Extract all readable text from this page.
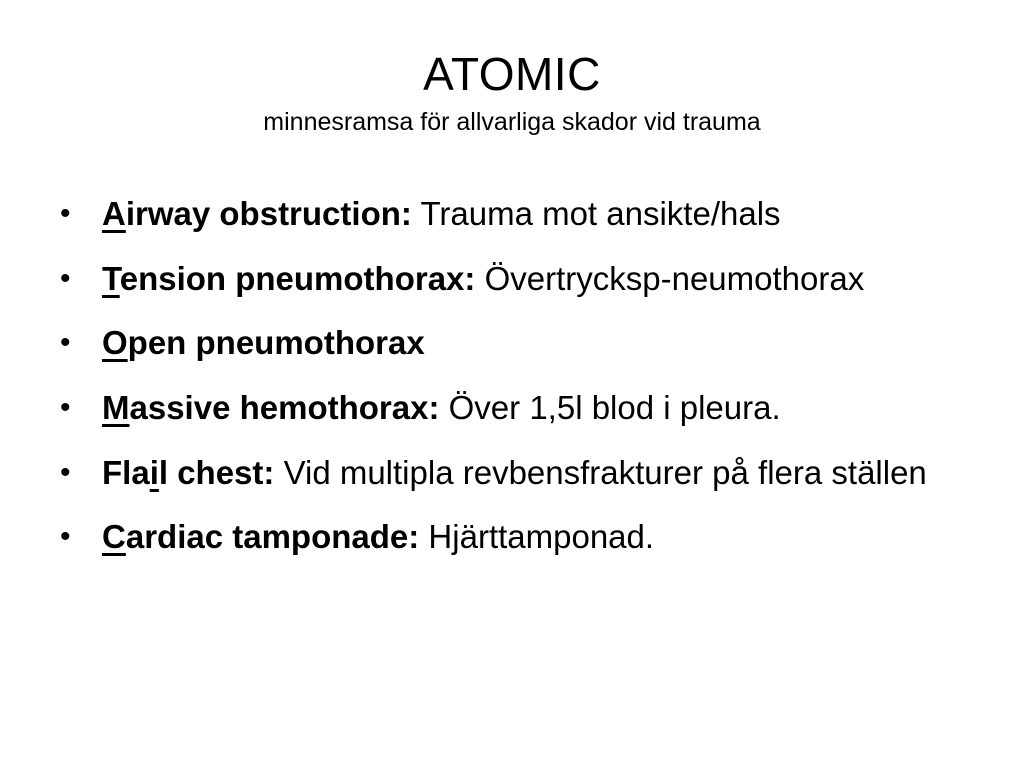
ATOMIC
minnesramsa för allvarliga skador vid trauma
• Airway obstruction: Trauma mot ansikte/hals
• Tension pneumothorax: Övertrycksp-neumothorax
• Open pneumothorax
• Massive hemothorax: Över 1,5l blod i pleura.
• Flail chest: Vid multipla revbensfrakturer på flera ställen
• Cardiac tamponade: Hjärttamponad.
